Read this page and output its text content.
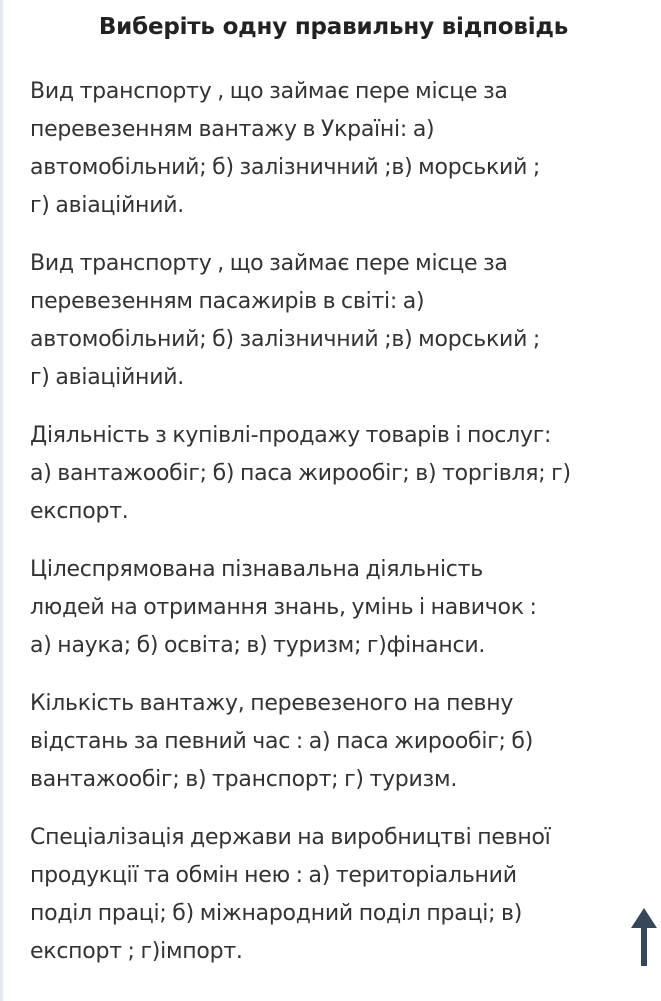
Виберіть одну правильну відповідь
Вид транспорту , що займає пере місце за
перевезенням вантажу в Україні: а)
автомобільний; б) залізничний ;в) морський ;
г) авіаційний.
Вид транспорту , що займає пере місце за
перевезенням пасажирів в світі: а)
автомобільний; б) залізничний ;в) морський ;
г) авіаційний.
Діяльність з купівлі-продажу товарів і послуг:
а) вантажообіг; б) паса жирообіг; в) торгівля; г)
експорт.
Цілеспрямована пізнавальна діяльність
людей на отримання знань, умінь і навичок :
а) наука; б) освіта; в) туризм; г)фінанси.
Кількість вантажу, перевезеного на певну
відстань за певний час : а) паса жирообіг; б)
вантажообіг; в) транспорт; г) туризм.
Спеціалізація держави на виробництві певної
продукції та обмін нею : а) територіальний
поділ праці; б) міжнародний поділ праці; в)
експорт ; г)імпорт.
